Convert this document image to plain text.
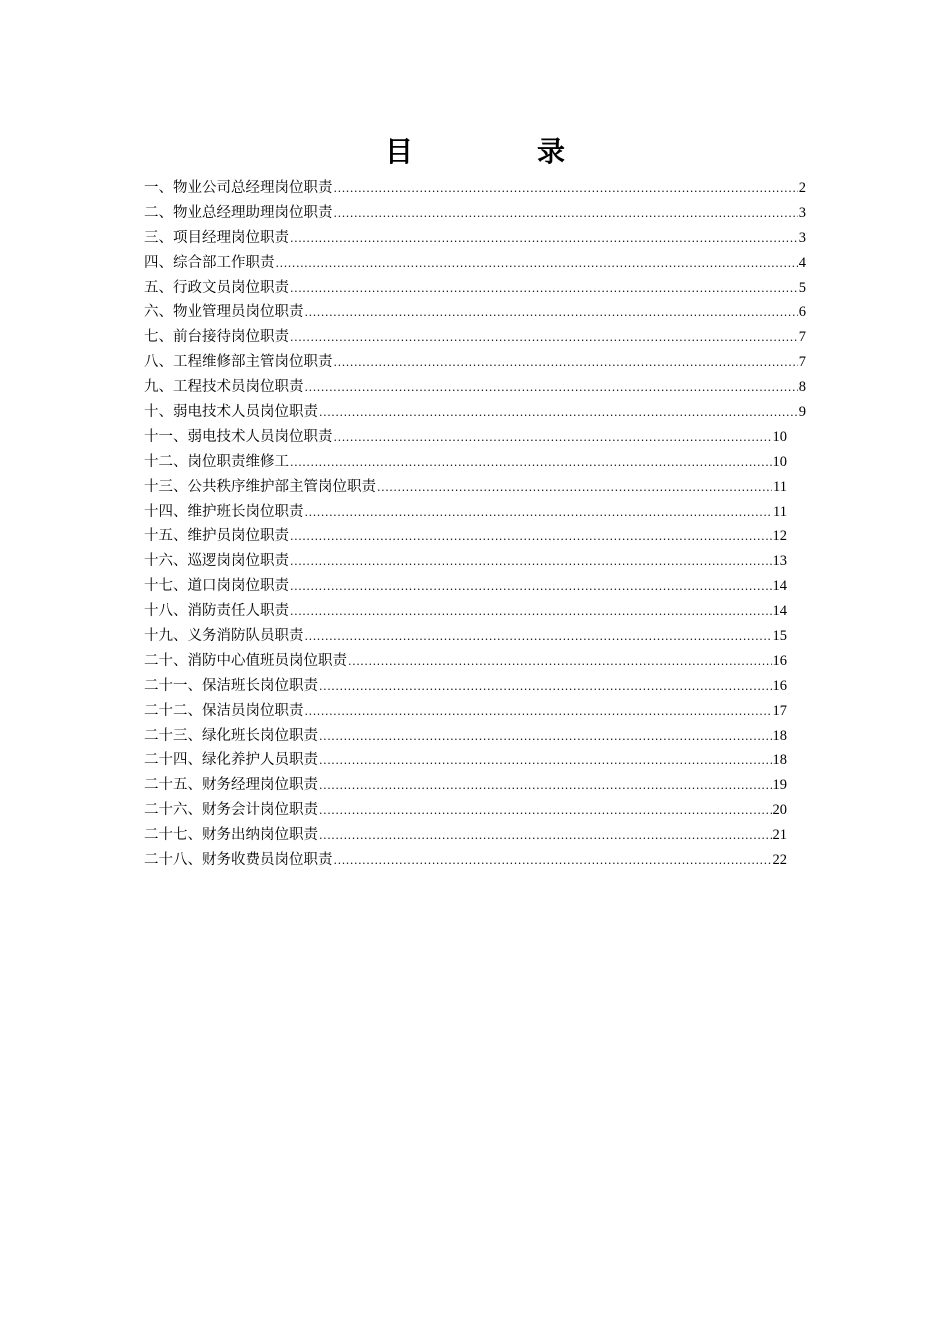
目　录
一、物业公司总经理岗位职责 .....	2
二、物业总经理助理岗位职责 .....	3
三、项目经理岗位职责 .....	3
四、综合部工作职责 .....	4
五、行政文员岗位职责 .....	5
六、物业管理员岗位职责 .....	6
七、前台接待岗位职责 .....	7
八、工程维修部主管岗位职责 .....	7
九、工程技术员岗位职责 .....	8
十、弱电技术人员岗位职责 .....	9
十一、弱电技术人员岗位职责 .....	10
十二、岗位职责维修工 .....	10
十三、公共秩序维护部主管岗位职责 .....	11
十四、维护班长岗位职责 .....	11
十五、维护员岗位职责 .....	12
十六、巡逻岗岗位职责 .....	13
十七、道口岗岗位职责 .....	14
十八、消防责任人职责 .....	14
十九、义务消防队员职责 .....	15
二十、消防中心值班员岗位职责 .....	16
二十一、保洁班长岗位职责 .....	16
二十二、保洁员岗位职责 .....	17
二十三、绿化班长岗位职责 .....	18
二十四、绿化养护人员职责 .....	18
二十五、财务经理岗位职责 .....	19
二十六、财务会计岗位职责 .....	20
二十七、财务出纳岗位职责 .....	21
二十八、财务收费员岗位职责 .....	22
